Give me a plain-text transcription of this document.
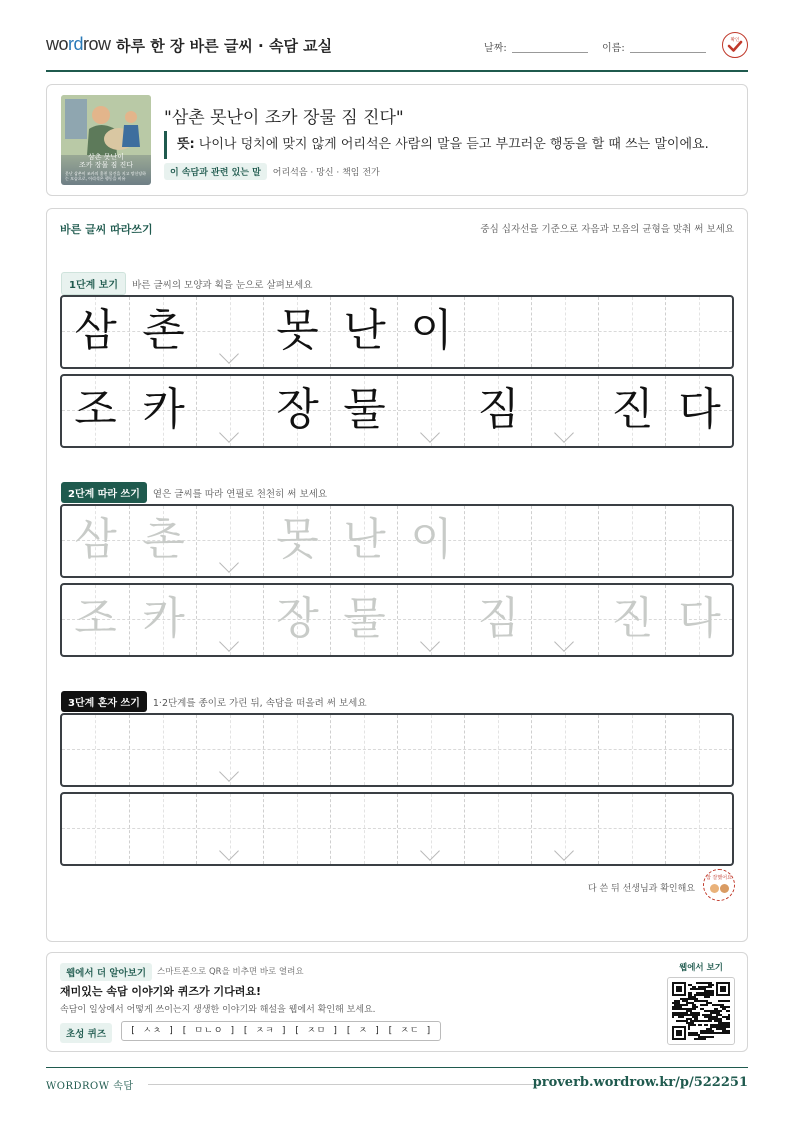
wordrow 하루 한 장 바른 글씨 · 속담 교실	날짜:	이름:
확인
삼촌 못난이
조카 장물 짐 진다
못난 삼촌이 조카의 훔친 물건을 지고 망신당하는 모습으로, 어리석은 행동을 비유
"삼촌 못난이 조카 장물 짐 진다"
뜻: 나이나 덩치에 맞지 않게 어리석은 사람의 말을 듣고 부끄러운 행동을 할 때 쓰는 말이에요.
이 속담과 관련 있는 말 어리석음 · 망신 · 책임 전가
바른 글씨 따라쓰기	중심 십자선을 기준으로 자음과 모음의 균형을 맞춰 써 보세요
1단계 보기 바른 글씨의 모양과 획을 눈으로 살펴보세요
2단계 따라 쓰기 옅은 글씨를 따라 연필로 천천히 써 보세요
3단계 혼자 쓰기 1·2단계를 종이로 가린 뒤, 속담을 떠올려 써 보세요
다 쓴 뒤 선생님과 확인해요
참 잘했어요
삼 촌 못 난 이
조 카 장 물 짐 진 다
삼 촌 못 난 이
조 카 장 물 짐 진 다
웹에서 더 알아보기	스마트폰으로 QR을 비추면 바로 열려요
재미있는 속담 이야기와 퀴즈가 기다려요!
속담이 일상에서 어떻게 쓰이는지 생생한 이야기와 해설을 웹에서 확인해 보세요.
초성 퀴즈	[ ㅅㅊ ] [ ㅁㄴㅇ ] [ ㅈㅋ ] [ ㅈㅁ ] [ ㅈ ] [ ㅈㄷ ]
웹에서 보기
WORDROW 속담	proverb.wordrow.kr/p/522251
